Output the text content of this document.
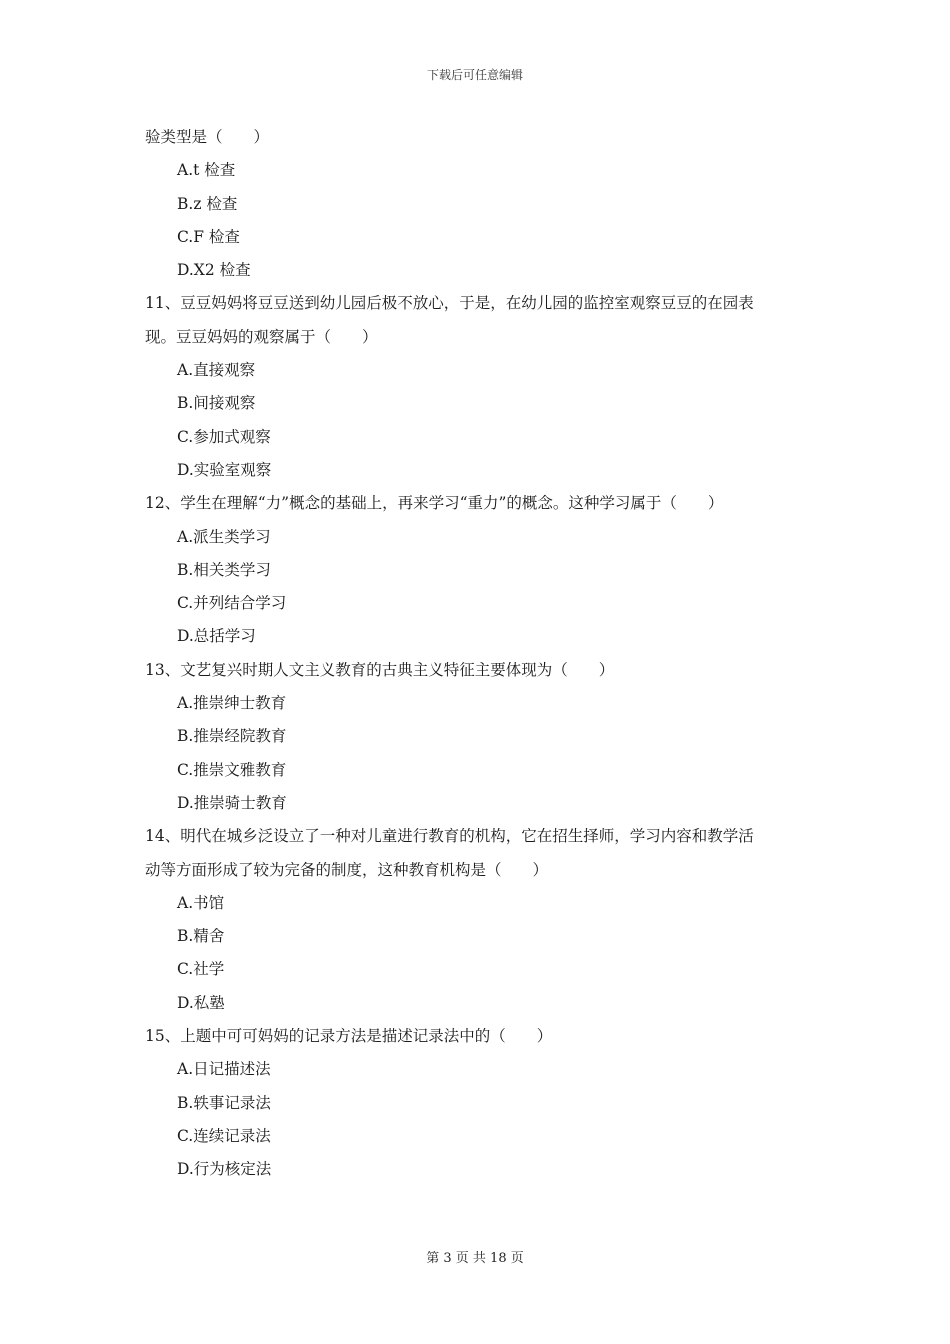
下载后可任意编辑
验类型是（　　）
A.t 检查
B.z 检查
C.F 检查
D.X2 检查
11、豆豆妈妈将豆豆送到幼儿园后极不放心，于是，在幼儿园的监控室观察豆豆的在园表
现。豆豆妈妈的观察属于（　　）
A.直接观察
B.间接观察
C.参加式观察
D.实验室观察
12、学生在理解“力”概念的基础上，再来学习“重力”的概念。这种学习属于（　　）
A.派生类学习
B.相关类学习
C.并列结合学习
D.总括学习
13、文艺复兴时期人文主义教育的古典主义特征主要体现为（　　）
A.推崇绅士教育
B.推崇经院教育
C.推崇文雅教育
D.推崇骑士教育
14、明代在城乡泛设立了一种对儿童进行教育的机构，它在招生择师，学习内容和教学活
动等方面形成了较为完备的制度，这种教育机构是（　　）
A.书馆
B.精舍
C.社学
D.私塾
15、上题中可可妈妈的记录方法是描述记录法中的（　　）
A.日记描述法
B.轶事记录法
C.连续记录法
D.行为核定法
第 3 页 共 18 页
